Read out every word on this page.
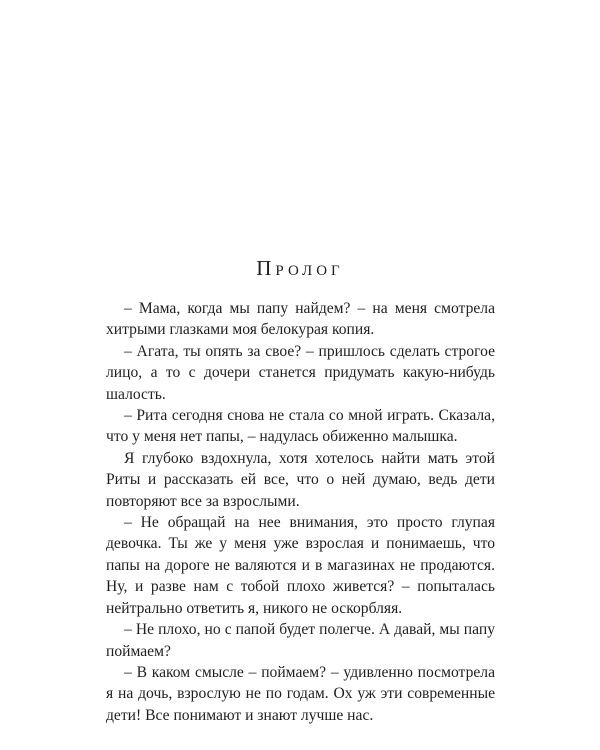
Пролог

– Мама, когда мы папу найдем? – на меня смотрела хитрыми глазками моя белокурая копия.

– Агата, ты опять за свое? – пришлось сделать строгое лицо, а то с дочери станется придумать какую-нибудь шалость.

– Рита сегодня снова не стала со мной играть. Сказала, что у меня нет папы, – надулась обиженно малышка.

Я глубоко вздохнула, хотя хотелось найти мать этой Риты и рассказать ей все, что о ней думаю, ведь дети повторяют все за взрослыми.

– Не обращай на нее внимания, это просто глупая девочка. Ты же у меня уже взрослая и понимаешь, что папы на дороге не валяются и в магазинах не продаются. Ну, и разве нам с тобой плохо живется? – попыталась нейтрально ответить я, никого не оскорбляя.

– Не плохо, но с папой будет полегче. А давай, мы папу поймаем?

– В каком смысле – поймаем? – удивленно посмотрела я на дочь, взрослую не по годам. Ох уж эти современные дети! Все понимают и знают лучше нас.
